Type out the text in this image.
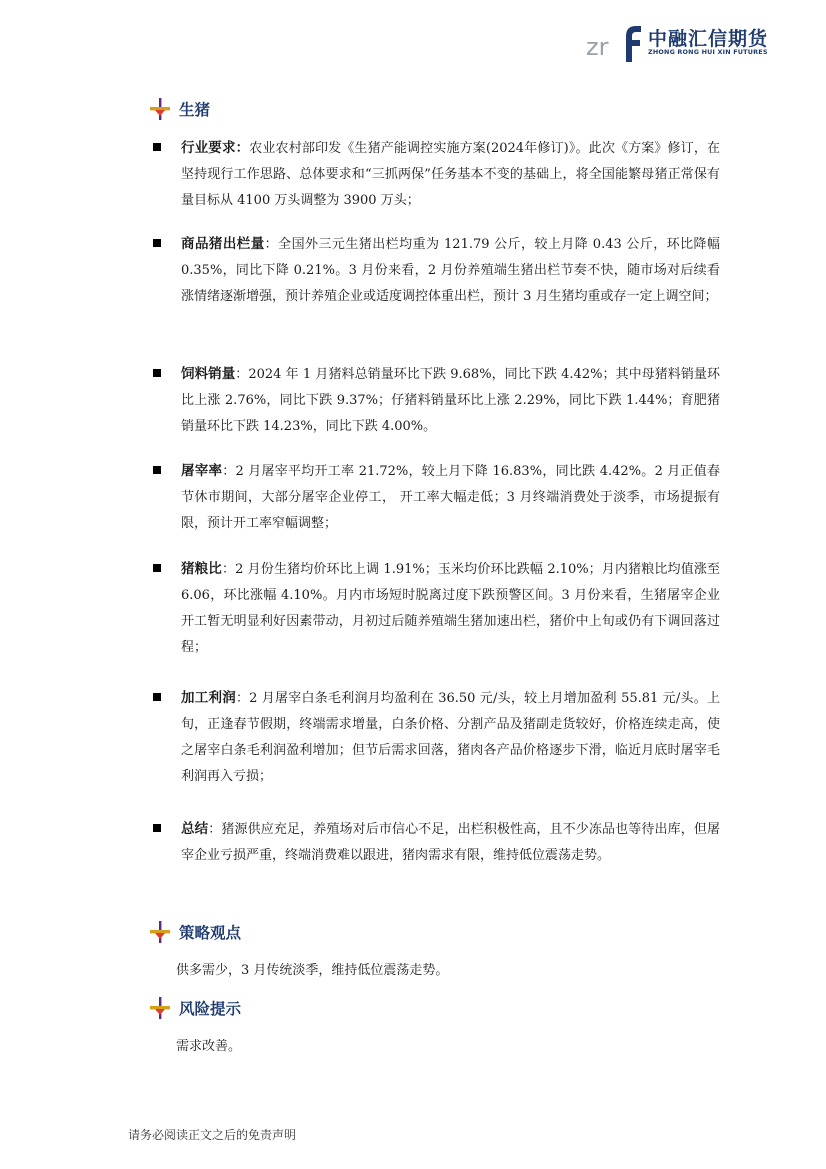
zr 中融汇信期货
ZHONG RONG HUI XIN FUTURES
生猪
行业要求：农业农村部印发《生猪产能调控实施方案(2024年修订)》。此次《方案》修订，在坚持现行工作思路、总体要求和“三抓两保”任务基本不变的基础上，将全国能繁母猪正常保有量目标从 4100 万头调整为 3900 万头；
商品猪出栏量：全国外三元生猪出栏均重为 121.79 公斤，较上月降 0.43 公斤，环比降幅 0.35%，同比下降 0.21%。3 月份来看，2 月份养殖端生猪出栏节奏不快，随市场对后续看涨情绪逐渐增强，预计养殖企业或适度调控体重出栏，预计 3 月生猪均重或存一定上调空间；
饲料销量：2024 年 1 月猪料总销量环比下跌 9.68%，同比下跌 4.42%；其中母猪料销量环比上涨 2.76%，同比下跌 9.37%；仔猪料销量环比上涨 2.29%，同比下跌 1.44%；育肥猪销量环比下跌 14.23%，同比下跌 4.00%。
屠宰率：2 月屠宰平均开工率 21.72%，较上月下降 16.83%，同比跌 4.42%。2 月正值春节休市期间，大部分屠宰企业停工， 开工率大幅走低；3 月终端消费处于淡季，市场提振有限，预计开工率窄幅调整；
猪粮比：2 月份生猪均价环比上调 1.91%；玉米均价环比跌幅 2.10%；月内猪粮比均值涨至 6.06，环比涨幅 4.10%。月内市场短时脱离过度下跌预警区间。3 月份来看，生猪屠宰企业开工暂无明显利好因素带动，月初过后随养殖端生猪加速出栏，猪价中上旬或仍有下调回落过程；
加工利润：2 月屠宰白条毛利润月均盈利在 36.50 元/头，较上月增加盈利 55.81 元/头。上旬，正逢春节假期，终端需求增量，白条价格、分割产品及猪副走货较好，价格连续走高，使之屠宰白条毛利润盈利增加；但节后需求回落，猪肉各产品价格逐步下滑，临近月底时屠宰毛利润再入亏损；
总结：猪源供应充足，养殖场对后市信心不足，出栏积极性高，且不少冻品也等待出库，但屠宰企业亏损严重，终端消费难以跟进，猪肉需求有限，维持低位震荡走势。
策略观点
供多需少，3 月传统淡季，维持低位震荡走势。
风险提示
需求改善。
请务必阅读正文之后的免责声明
